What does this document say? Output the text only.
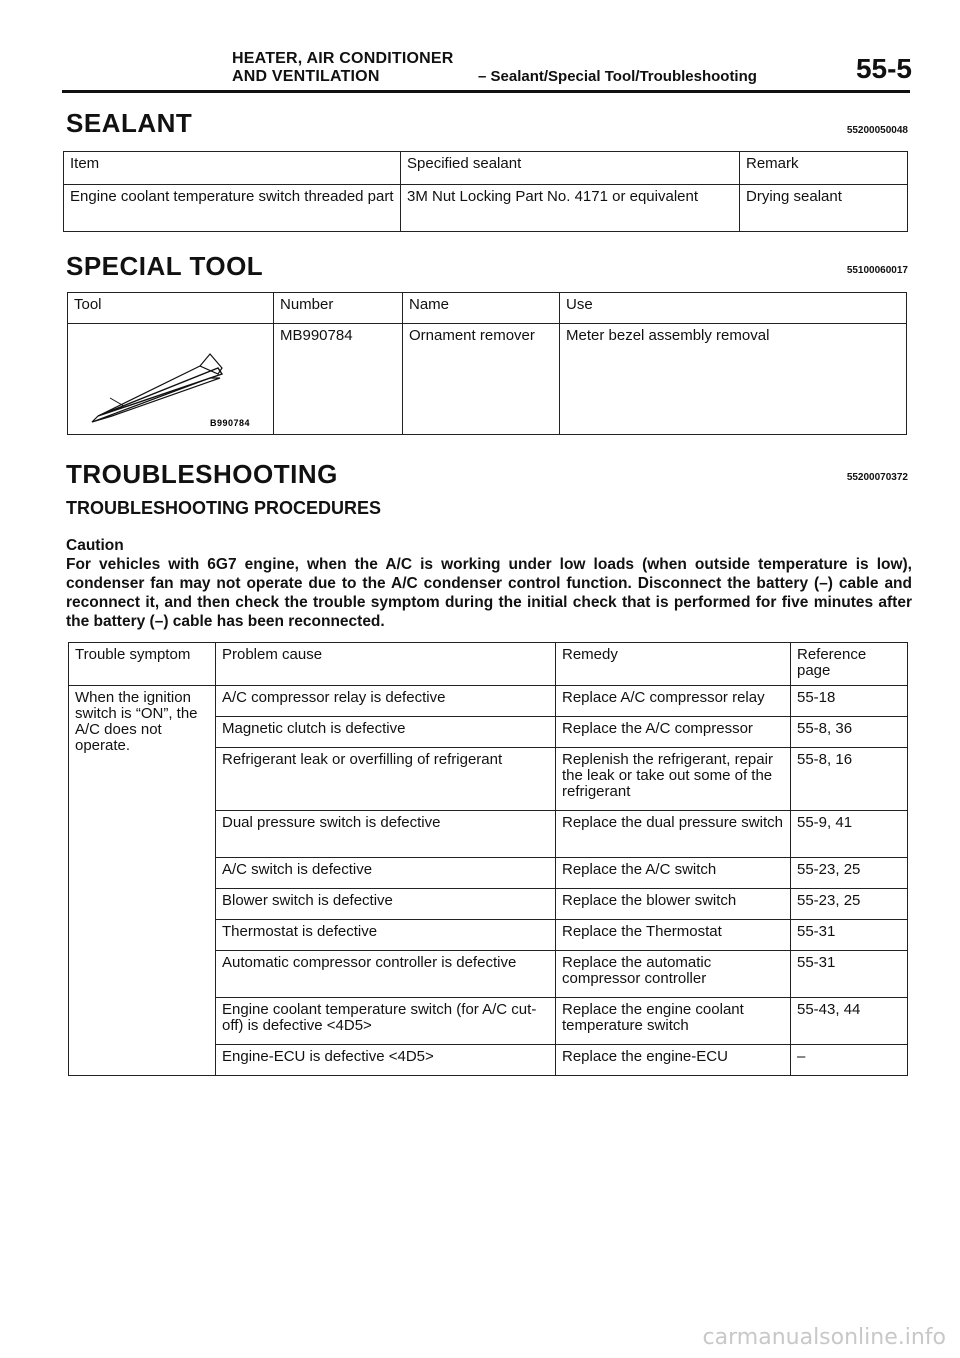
HEATER, AIR CONDITIONER
AND VENTILATION	– Sealant/Special Tool/Troubleshooting	55-5
SEALANT	55200050048
Item	Specified sealant	Remark
Engine coolant temperature switch threaded part	3M Nut Locking Part No. 4171 or equivalent	Drying sealant
SPECIAL TOOL	55100060017
Tool	Number	Name	Use

B990784	MB990784	Ornament remover	Meter bezel assembly removal
TROUBLESHOOTING	55200070372
TROUBLESHOOTING PROCEDURES
Caution
For vehicles with 6G7 engine, when the A/C is working under low loads (when outside temperature is low), condenser fan may not operate due to the A/C condenser control function. Disconnect the battery (–) cable and reconnect it, and then check the trouble symptom during the initial check that is performed for five minutes after the battery (–) cable has been reconnected.
Trouble symptom	Problem cause	Remedy	Reference page
When the ignition switch is “ON”, the A/C does not operate.	A/C compressor relay is defective	Replace A/C compressor relay	55-18
	Magnetic clutch is defective	Replace the A/C compressor	55-8, 36
	Refrigerant leak or overfilling of refrigerant	Replenish the refrigerant, repair the leak or take out some of the refrigerant	55-8, 16
	Dual pressure switch is defective	Replace the dual pressure switch	55-9, 41
	A/C switch is defective	Replace the A/C switch	55-23, 25
	Blower switch is defective	Replace the blower switch	55-23, 25
	Thermostat is defective	Replace the Thermostat	55-31
	Automatic compressor controller is defective	Replace the automatic compressor controller	55-31
	Engine coolant temperature switch (for A/C cut-off) is defective <4D5>	Replace the engine coolant temperature switch	55-43, 44
	Engine-ECU is defective <4D5>	Replace the engine-ECU	–
carmanualsonline.info
